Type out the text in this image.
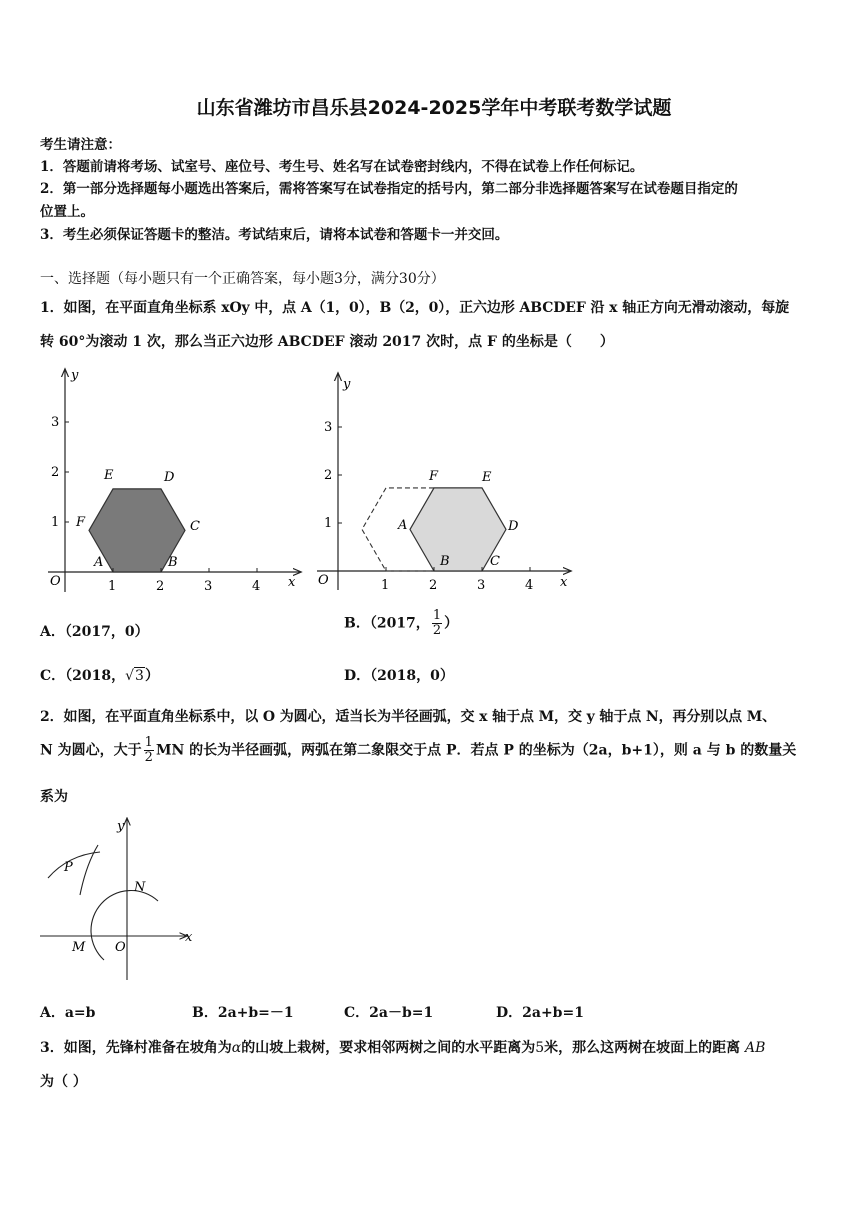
山东省潍坊市昌乐县2024-2025学年中考联考数学试题
考生请注意：
1．答题前请将考场、试室号、座位号、考生号、姓名写在试卷密封线内，不得在试卷上作任何标记。
2．第一部分选择题每小题选出答案后，需将答案写在试卷指定的括号内，第二部分非选择题答案写在试卷题目指定的
位置上。
3．考生必须保证答题卡的整洁。考试结束后，请将本试卷和答题卡一并交回。
一、选择题（每小题只有一个正确答案，每小题3分，满分30分）
1．如图，在平面直角坐标系 xOy 中，点 A（1，0），B（2，0），正六边形 ABCDEF 沿 x 轴正方向无滑动滚动，每旋
转 60°为滚动 1 次，那么当正六边形 ABCDEF 滚动 2017 次时，点 F 的坐标是（　　）
y
x
O
1
2
3
1	2	3	4
A	B
C
D
E
F
y
x
O
1
2
3
1	2	3	4
A
B	C
D
E
F
A．（2017，0）
B．（2017， $\frac{1}{2}$ ）
C．（2018，√3）	D．（2018，0）
2．如图，在平面直角坐标系中，以 O 为圆心，适当长为半径画弧，交 x 轴于点 M，交 y 轴于点 N，再分别以点 M、
N 为圆心，大于 $\frac{1}{2}$ MN 的长为半径画弧，两弧在第二象限交于点 P．若点 P 的坐标为（2a，b+1），则 a 与 b 的数量关
系为
P
N
M O
y
x
A．a=b	B．2a+b=－1	C．2a－b=1	D．2a+b=1
3．如图，先锋村准备在坡角为α的山坡上栽树，要求相邻两树之间的水平距离为5米，那么这两树在坡面上的距离 AB
为（ ）
